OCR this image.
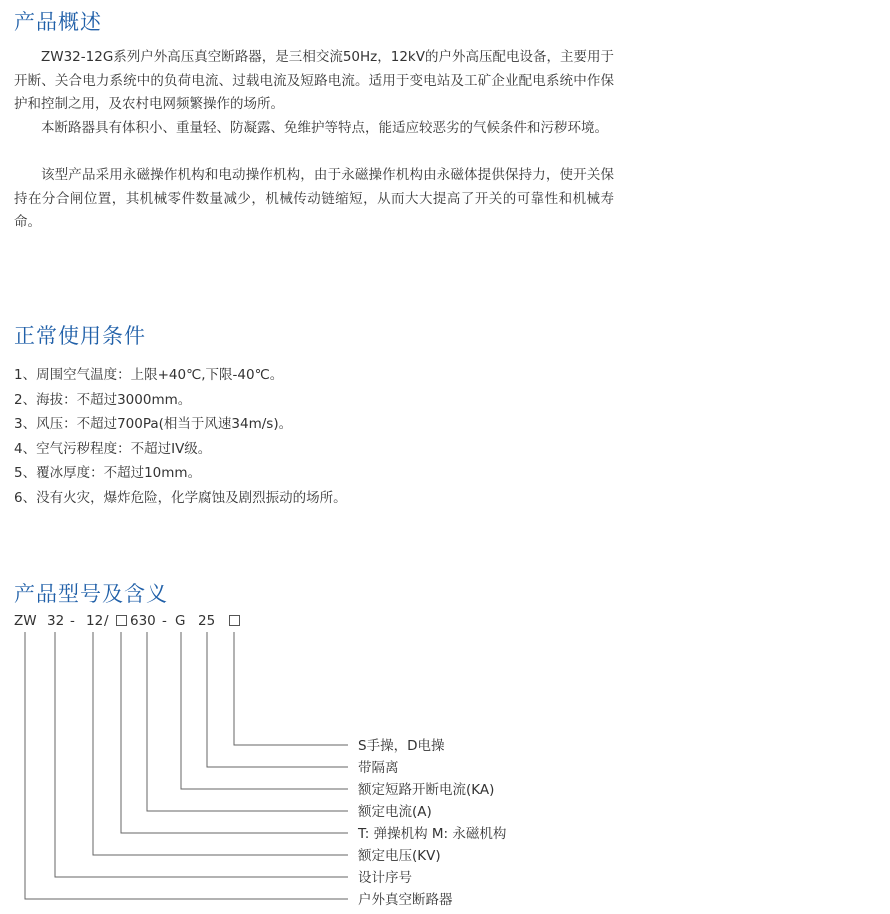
产品概述

ZW32-12G系列户外高压真空断路器，是三相交流50Hz，12kV的户外高压配电设备，主要用于开断、关合电力系统中的负荷电流、过载电流及短路电流。适用于变电站及工矿企业配电系统中作保护和控制之用，及农村电网频繁操作的场所。

本断路器具有体积小、重量轻、防凝露、免维护等特点，能适应较恶劣的气候条件和污秽环境。

该型产品采用永磁操作机构和电动操作机构，由于永磁操作机构由永磁体提供保持力，使开关保持在分合闸位置，其机械零件数量减少，机械传动链缩短，从而大大提高了开关的可靠性和机械寿命。

正常使用条件

1、周围空气温度：上限+40℃,下限-40℃。

2、海拔：不超过3000mm。

3、风压：不超过700Pa(相当于风速34m/s)。

4、空气污秽程度：不超过IV级。

5、覆冰厚度：不超过10mm。

6、没有火灾，爆炸危险，化学腐蚀及剧烈振动的场所。

产品型号及含义
ZW 32 - 12 / 630 - G 25
S手操，D电操
带隔离
额定短路开断电流(KA)
额定电流(A)
T: 弹操机构 M: 永磁机构
额定电压(KV)
设计序号
户外真空断路器
